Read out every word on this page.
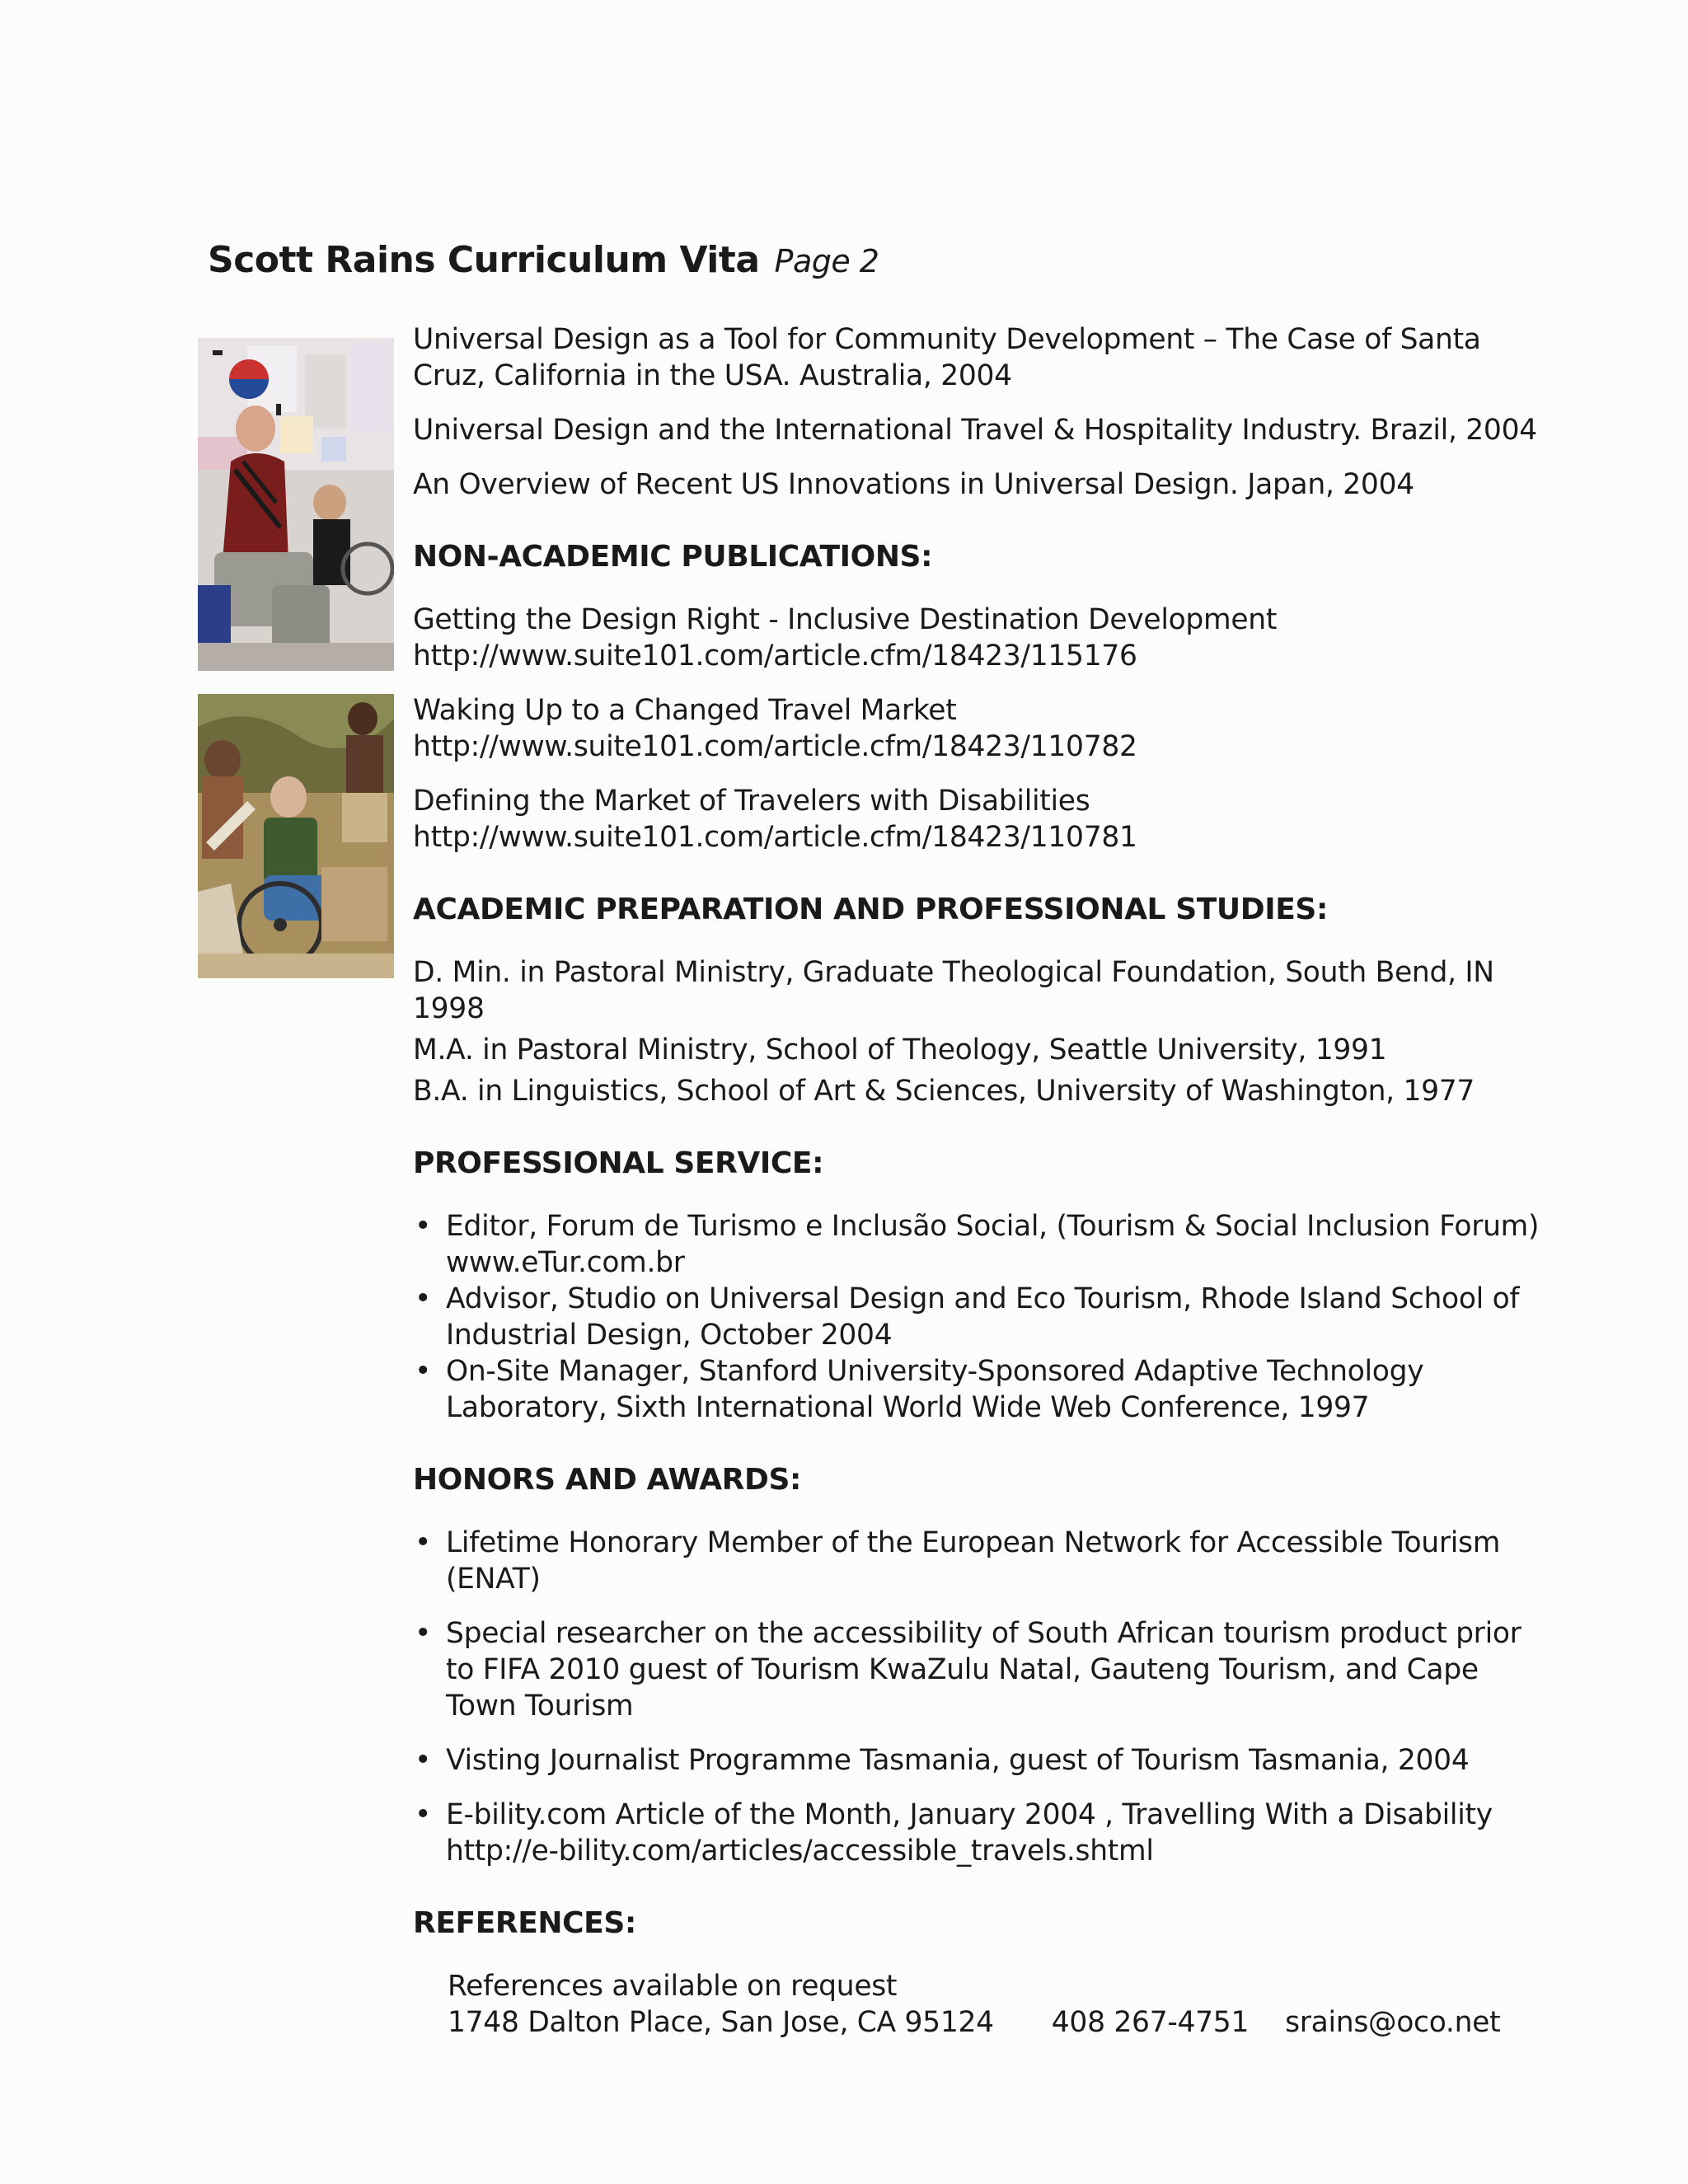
Scott Rains Curriculum Vita Page 2
Universal Design as a Tool for Community Development – The Case of Santa Cruz, California in the USA. Australia, 2004
Universal Design and the International Travel & Hospitality Industry. Brazil, 2004
An Overview of Recent US Innovations in Universal Design. Japan, 2004
NON-ACADEMIC PUBLICATIONS:
Getting the Design Right - Inclusive Destination Development
http://www.suite101.com/article.cfm/18423/115176
Waking Up to a Changed Travel Market
http://www.suite101.com/article.cfm/18423/110782
Defining the Market of Travelers with Disabilities
http://www.suite101.com/article.cfm/18423/110781
ACADEMIC PREPARATION AND PROFESSIONAL STUDIES:
D. Min. in Pastoral Ministry, Graduate Theological Foundation, South Bend, IN 1998
M.A. in Pastoral Ministry, School of Theology, Seattle University, 1991
B.A. in Linguistics, School of Art & Sciences, University of Washington, 1977
PROFESSIONAL SERVICE:
• Editor, Forum de Turismo e Inclusão Social, (Tourism & Social Inclusion Forum) www.eTur.com.br
• Advisor, Studio on Universal Design and Eco Tourism, Rhode Island School of Industrial Design, October 2004
• On-Site Manager, Stanford University-Sponsored Adaptive Technology Laboratory, Sixth International World Wide Web Conference, 1997
HONORS AND AWARDS:
• Lifetime Honorary Member of the European Network for Accessible Tourism (ENAT)
• Special researcher on the accessibility of South African tourism product prior to FIFA 2010 guest of Tourism KwaZulu Natal, Gauteng Tourism, and Cape Town Tourism
• Visting Journalist Programme Tasmania, guest of Tourism Tasmania, 2004
• E-bility.com Article of the Month, January 2004 , Travelling With a Disability http://e-bility.com/articles/accessible_travels.shtml
REFERENCES:
References available on request
1748 Dalton Place, San Jose, CA 95124 408 267-4751 srains@oco.net
